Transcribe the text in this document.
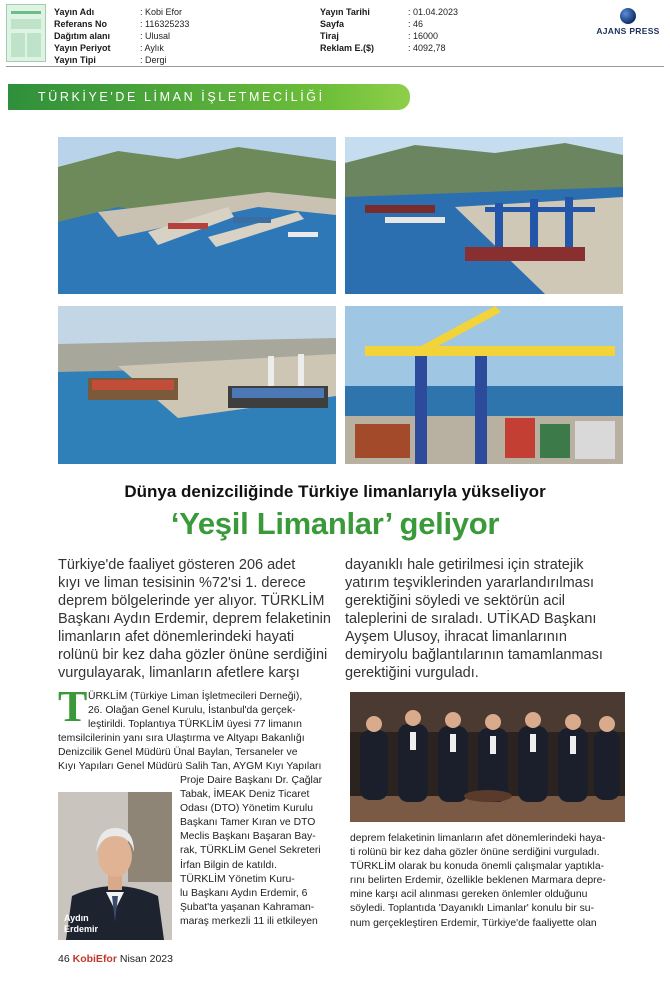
Yayın Adı	: Kobi Efor
Referans No	: 116325233
Dağıtım alanı	: Ulusal
Yayın Periyot	: Aylık
Yayın Tipi	: Dergi
Yayın Tarihi	: 01.04.2023
Sayfa	: 46
Tiraj	: 16000
Reklam E.($)	: 4092,78
AJANS PRESS
TÜRKİYE'DE LİMAN İŞLETMECİLİĞİ
Dünya denizciliğinde Türkiye limanlarıyla yükseliyor
‘Yeşil Limanlar’ geliyor
Türkiye'de faaliyet gösteren 206 adet
kıyı ve liman tesisinin %72'si 1. derece
deprem bölgelerinde yer alıyor. TÜRKLİM
Başkanı Aydın Erdemir, deprem felaketinin
limanların afet dönemlerindeki hayati
rolünü bir kez daha gözler önüne serdiğini
vurgulayarak, limanların afetlere karşı
dayanıklı hale getirilmesi için stratejik
yatırım teşviklerinden yararlandırılması
gerektiğini söyledi ve sektörün acil
taleplerini de sıraladı. UTİKAD Başkanı
Ayşem Ulusoy, ihracat limanlarının
demiryolu bağlantılarının tamamlanması
gerektiğini vurguladı.
T ÜRKLİM (Türkiye Liman İşletmecileri Derneği),
26. Olağan Genel Kurulu, İstanbul'da gerçek-
leştirildi. Toplantıya TÜRKLİM üyesi 77 limanın
temsilcilerinin yanı sıra Ulaştırma ve Altyapı Bakanlığı
Denizcilik Genel Müdürü Ünal Baylan, Tersaneler ve
Kıyı Yapıları Genel Müdürü Salih Tan, AYGM Kıyı Yapıları
Proje Daire Başkanı Dr. Çağlar
Tabak, İMEAK Deniz Ticaret
Odası (DTO) Yönetim Kurulu
Başkanı Tamer Kıran ve DTO
Meclis Başkanı Başaran Bay-
rak, TÜRKLİM Genel Sekreteri
İrfan Bilgin de katıldı.
TÜRKLİM Yönetim Kuru-
lu Başkanı Aydın Erdemir, 6
Şubat'ta yaşanan Kahraman-
maraş merkezli 11 ili etkileyen
Aydın
Erdemir
deprem felaketinin limanların afet dönemlerindeki haya-
ti rolünü bir kez daha gözler önüne serdiğini vurguladı.
TÜRKLİM olarak bu konuda önemli çalışmalar yaptıkla-
rını belirten Erdemir, özellikle beklenen Marmara depre-
mine karşı acil alınması gereken önlemler olduğunu
söyledi. Toplantıda 'Dayanıklı Limanlar' konulu bir su-
num gerçekleştiren Erdemir, Türkiye'de faaliyette olan
46 KobiEfor Nisan 2023
